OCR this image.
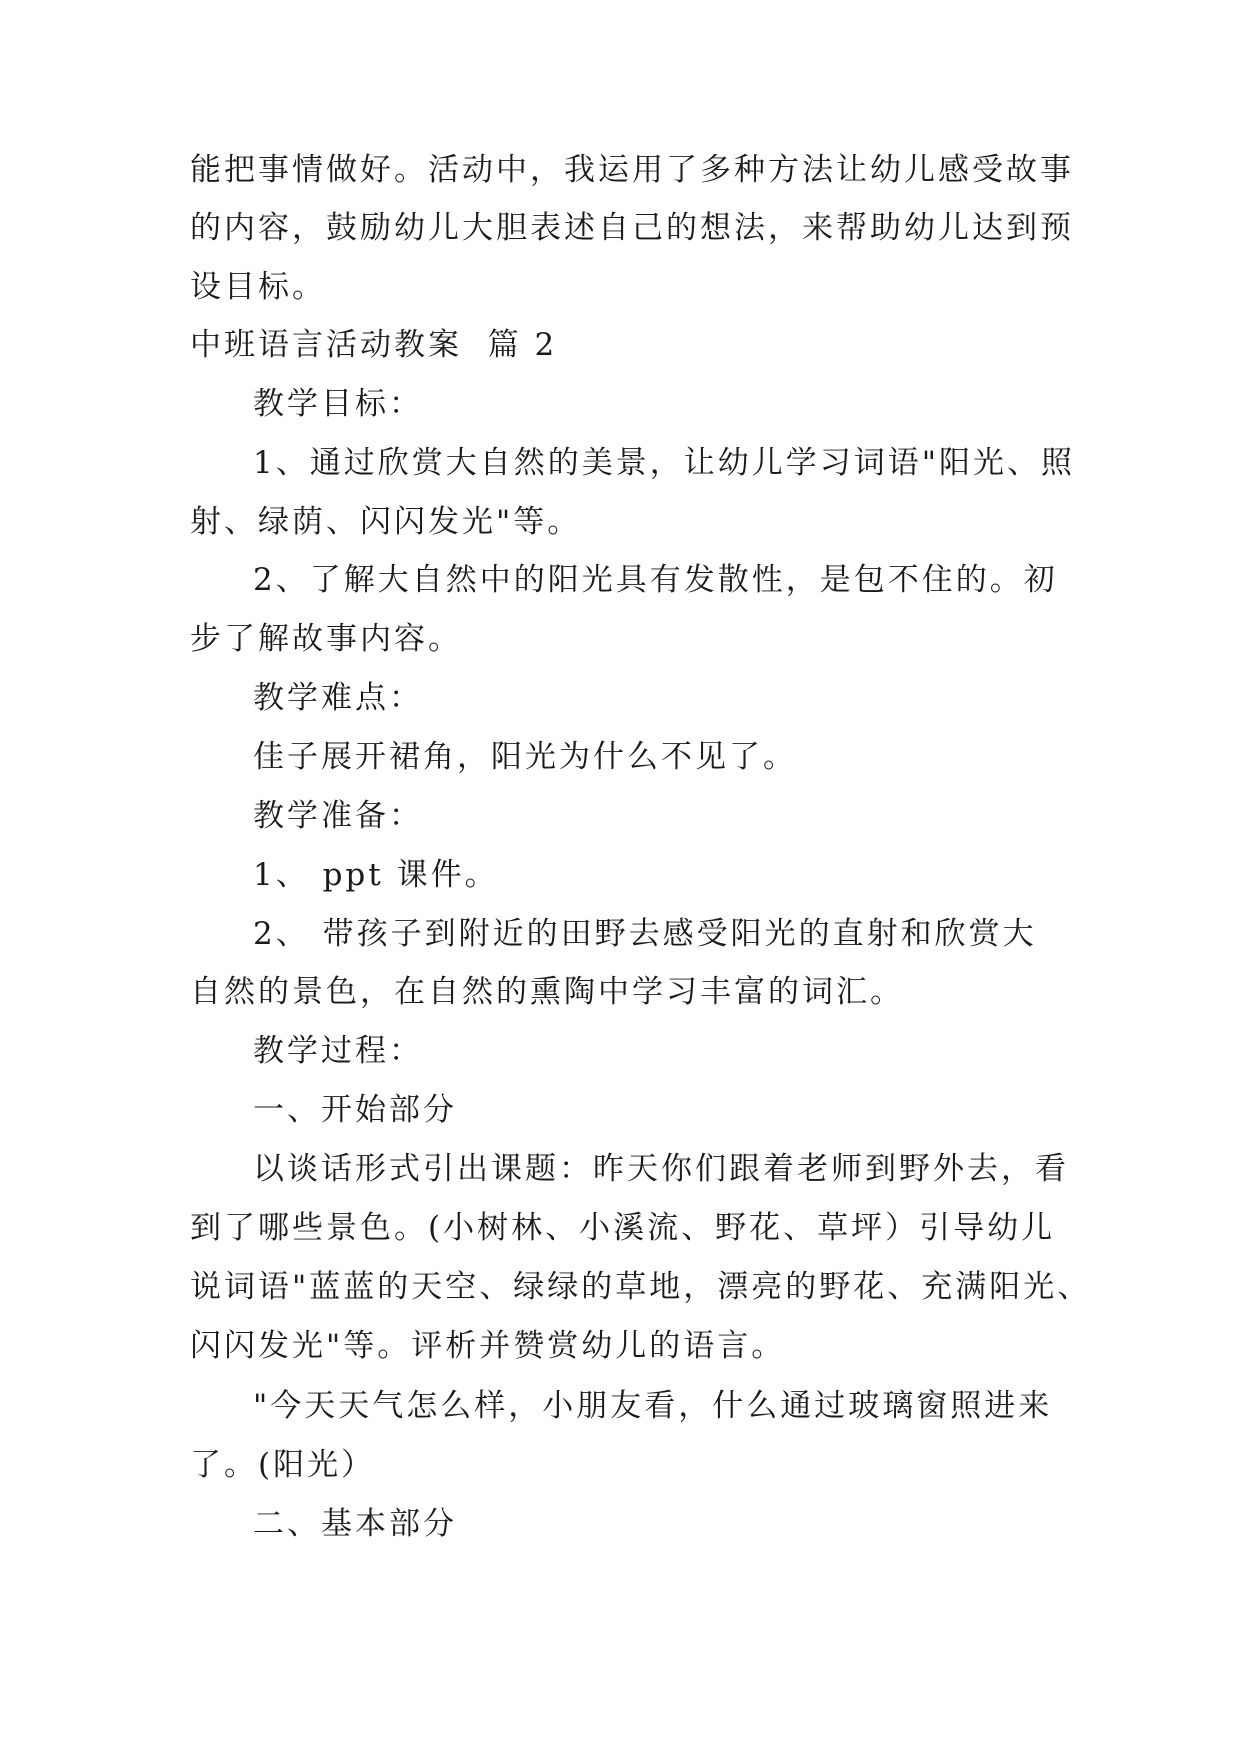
能把事情做好。活动中，我运用了多种方法让幼儿感受故事
的内容，鼓励幼儿大胆表述自己的想法，来帮助幼儿达到预
设目标。
中班语言活动教案  篇 2
教学目标：
1、通过欣赏大自然的美景，让幼儿学习词语"阳光、照
射、绿荫、闪闪发光"等。
2、了解大自然中的阳光具有发散性，是包不住的。初
步了解故事内容。
教学难点：
佳子展开裙角，阳光为什么不见了。
教学准备：
1、 ppt 课件。
2、 带孩子到附近的田野去感受阳光的直射和欣赏大
自然的景色，在自然的熏陶中学习丰富的词汇。
教学过程：
一、开始部分
以谈话形式引出课题：昨天你们跟着老师到野外去，看
到了哪些景色。(小树林、小溪流、野花、草坪）引导幼儿
说词语"蓝蓝的天空、绿绿的草地，漂亮的野花、充满阳光、
闪闪发光"等。评析并赞赏幼儿的语言。
"今天天气怎么样，小朋友看，什么通过玻璃窗照进来
了。(阳光）
二、基本部分
